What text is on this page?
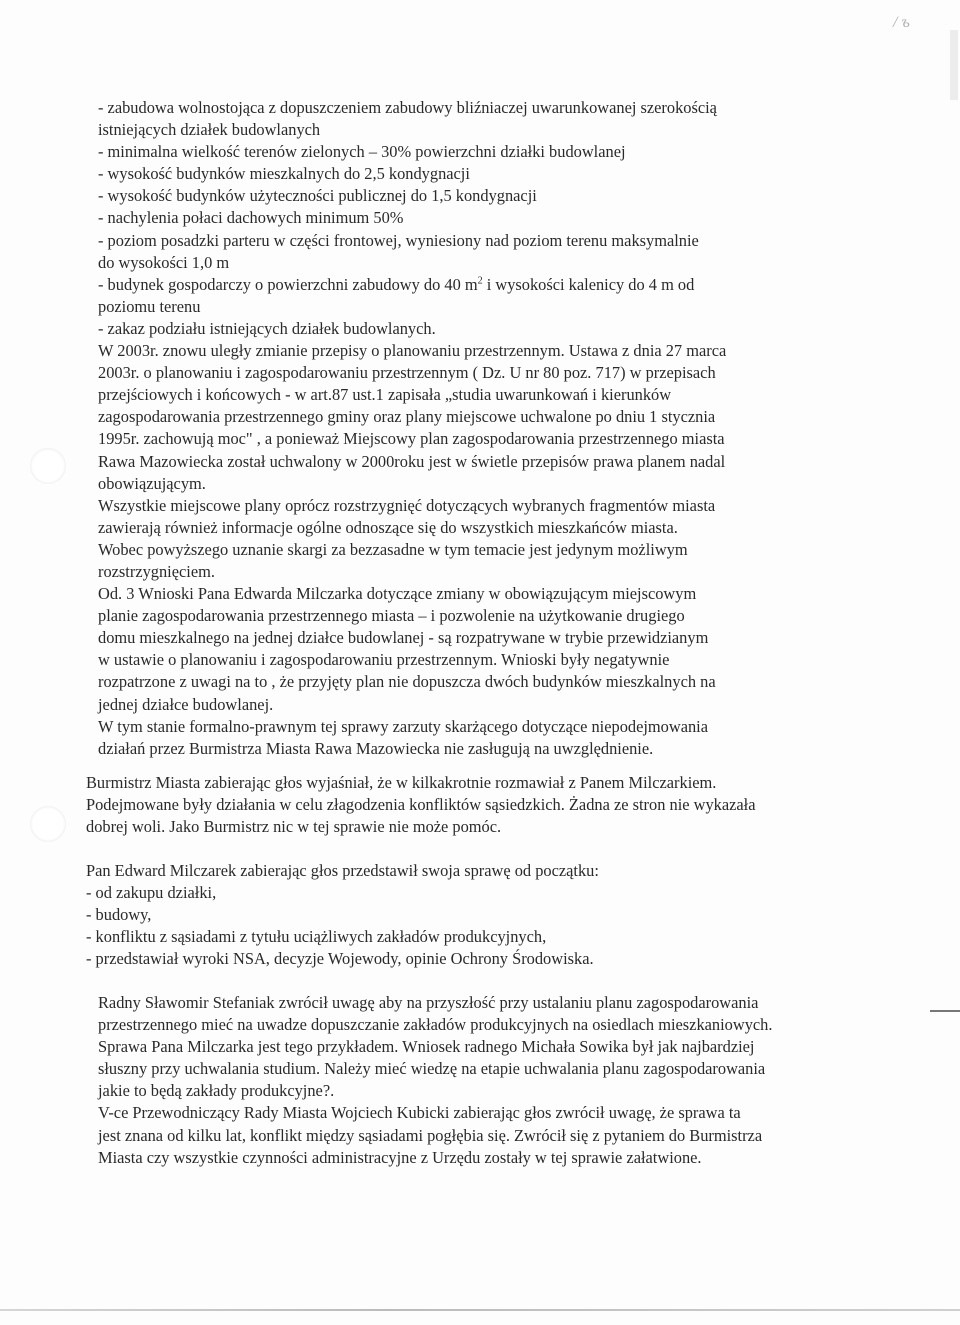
/ ъ
- zabudowa wolnostojąca z dopuszczeniem zabudowy bliźniaczej uwarunkowanej szerokością
istniejących działek budowlanych
- minimalna wielkość terenów zielonych – 30% powierzchni działki budowlanej
- wysokość budynków mieszkalnych do 2,5 kondygnacji
- wysokość budynków użyteczności publicznej do 1,5 kondygnacji
- nachylenia połaci dachowych minimum 50%
- poziom posadzki parteru w części frontowej, wyniesiony nad poziom terenu maksymalnie
do wysokości 1,0 m
- budynek gospodarczy o powierzchni zabudowy do 40 $m^2$ i wysokości kalenicy do 4 m od
poziomu terenu
- zakaz podziału istniejących działek budowlanych.
W 2003r. znowu uległy zmianie przepisy o planowaniu przestrzennym. Ustawa z dnia 27 marca
2003r. o planowaniu i zagospodarowaniu przestrzennym ( Dz. U nr 80 poz. 717) w przepisach
przejściowych i końcowych - w art.87 ust.1 zapisała „studia uwarunkowań i kierunków
zagospodarowania przestrzennego gminy oraz plany miejscowe uchwalone po dniu 1 stycznia
1995r. zachowują moc" , a ponieważ Miejscowy plan zagospodarowania przestrzennego miasta
Rawa Mazowiecka został uchwalony w 2000roku jest w świetle przepisów prawa planem nadal
obowiązującym.
Wszystkie miejscowe plany oprócz rozstrzygnięć dotyczących wybranych fragmentów miasta
zawierają również informacje ogólne odnoszące się do wszystkich mieszkańców miasta.
Wobec powyższego uznanie skargi za bezzasadne w tym temacie jest jedynym możliwym
rozstrzygnięciem.
Od. 3 Wnioski Pana Edwarda Milczarka dotyczące zmiany w obowiązującym miejscowym
planie zagospodarowania przestrzennego miasta – i pozwolenie na użytkowanie drugiego
domu mieszkalnego na jednej działce budowlanej - są rozpatrywane w trybie przewidzianym
w ustawie o planowaniu i zagospodarowaniu przestrzennym. Wnioski były negatywnie
rozpatrzone z uwagi na to , że przyjęty plan nie dopuszcza dwóch budynków mieszkalnych na
jednej działce budowlanej.
W tym stanie formalno-prawnym tej sprawy zarzuty skarżącego dotyczące niepodejmowania
działań przez Burmistrza Miasta Rawa Mazowiecka nie zasługują na uwzględnienie.
Burmistrz Miasta zabierając głos wyjaśniał, że w kilkakrotnie rozmawiał z Panem Milczarkiem.
Podejmowane były działania w celu złagodzenia konfliktów sąsiedzkich. Żadna ze stron nie wykazała
dobrej woli. Jako Burmistrz nic w tej sprawie nie może pomóc.
Pan Edward Milczarek zabierając głos przedstawił swoja sprawę od początku:
- od zakupu działki,
- budowy,
- konfliktu z sąsiadami z tytułu uciążliwych zakładów produkcyjnych,
- przedstawiał wyroki NSA, decyzje Wojewody, opinie Ochrony Środowiska.
Radny Sławomir Stefaniak zwrócił uwagę aby na przyszłość przy ustalaniu planu zagospodarowania
przestrzennego mieć na uwadze dopuszczanie zakładów produkcyjnych na osiedlach mieszkaniowych.
Sprawa Pana Milczarka jest tego przykładem. Wniosek radnego Michała Sowika był jak najbardziej
słuszny przy uchwalania studium. Należy mieć wiedzę na etapie uchwalania planu zagospodarowania
jakie to będą zakłady produkcyjne?.
V-ce Przewodniczący Rady Miasta Wojciech Kubicki zabierając głos zwrócił uwagę, że sprawa ta
jest znana od kilku lat, konflikt między sąsiadami pogłębia się. Zwrócił się z pytaniem do Burmistrza
Miasta czy wszystkie czynności administracyjne z Urzędu zostały w tej sprawie załatwione.
